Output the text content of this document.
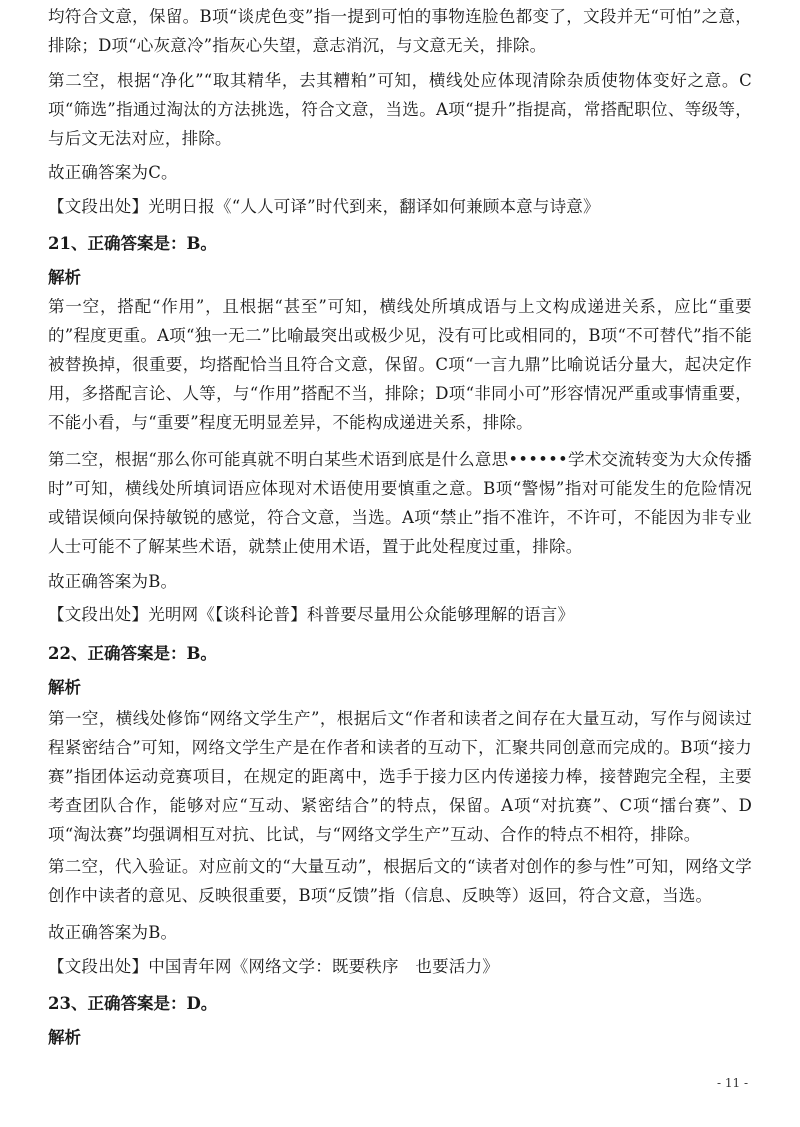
均符合文意，保留。B项“谈虎色变”指一提到可怕的事物连脸色都变了，文段并无“可怕”之意，排除；D项“心灰意冷”指灰心失望，意志消沉，与文意无关，排除。

第二空，根据“净化”“取其精华，去其糟粕”可知，横线处应体现清除杂质使物体变好之意。C项“筛选”指通过淘汰的方法挑选，符合文意，当选。A项“提升”指提高，常搭配职位、等级等，与后文无法对应，排除。

故正确答案为C。

【文段出处】光明日报《“人人可译”时代到来，翻译如何兼顾本意与诗意》

21、正确答案是：B。

解析

第一空，搭配“作用”，且根据“甚至”可知，横线处所填成语与上文构成递进关系，应比“重要的”程度更重。A项“独一无二”比喻最突出或极少见，没有可比或相同的，B项“不可替代”指不能被替换掉，很重要，均搭配恰当且符合文意，保留。C项“一言九鼎”比喻说话分量大，起决定作用，多搭配言论、人等，与“作用”搭配不当，排除；D项“非同小可”形容情况严重或事情重要，不能小看，与“重要”程度无明显差异，不能构成递进关系，排除。

第二空，根据“那么你可能真就不明白某些术语到底是什么意思••••••学术交流转变为大众传播时”可知，横线处所填词语应体现对术语使用要慎重之意。B项“警惕”指对可能发生的危险情况或错误倾向保持敏锐的感觉，符合文意，当选。A项“禁止”指不准许，不许可，不能因为非专业人士可能不了解某些术语，就禁止使用术语，置于此处程度过重，排除。

故正确答案为B。

【文段出处】光明网《【谈科论普】科普要尽量用公众能够理解的语言》

22、正确答案是：B。

解析

第一空，横线处修饰“网络文学生产”，根据后文“作者和读者之间存在大量互动，写作与阅读过程紧密结合”可知，网络文学生产是在作者和读者的互动下，汇聚共同创意而完成的。B项“接力赛”指团体运动竞赛项目，在规定的距离中，选手于接力区内传递接力棒，接替跑完全程，主要考查团队合作，能够对应“互动、紧密结合”的特点，保留。A项“对抗赛”、C项“擂台赛”、D项“淘汰赛”均强调相互对抗、比试，与“网络文学生产”互动、合作的特点不相符，排除。

第二空，代入验证。对应前文的“大量互动”，根据后文的“读者对创作的参与性”可知，网络文学创作中读者的意见、反映很重要，B项“反馈”指（信息、反映等）返回，符合文意，当选。

故正确答案为B。

【文段出处】中国青年网《网络文学：既要秩序　也要活力》

23、正确答案是：D。

解析

- 11 -
